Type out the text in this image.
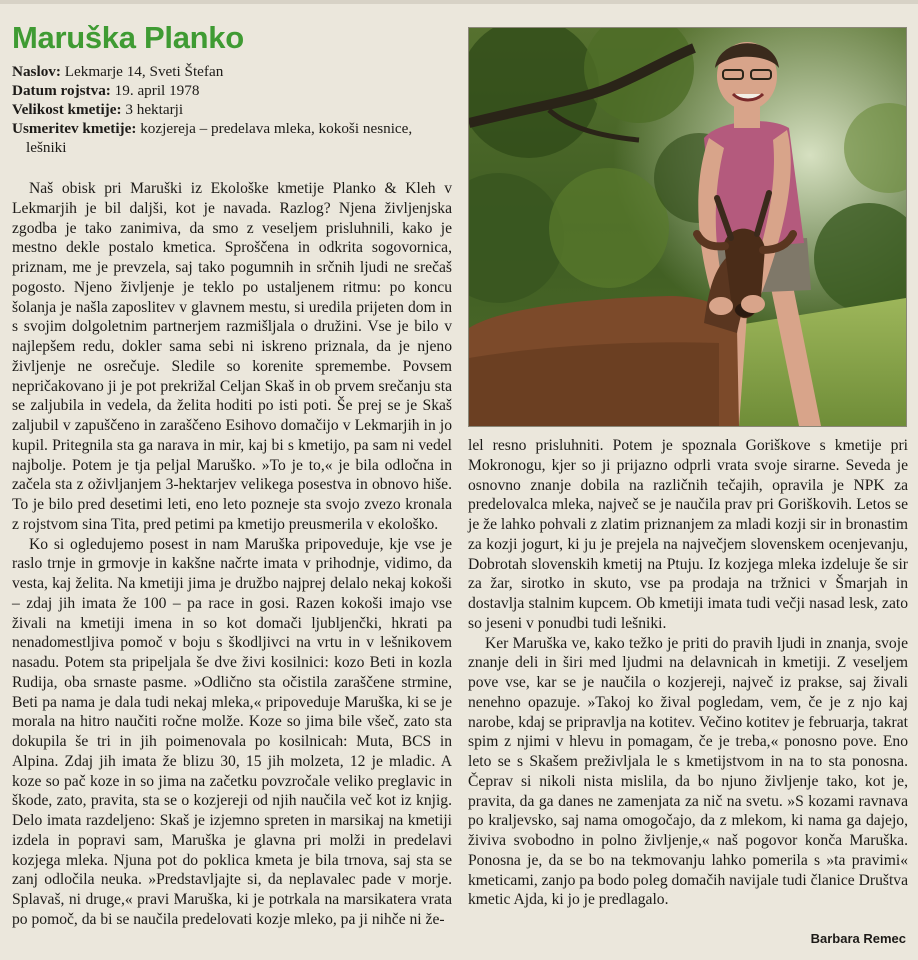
Maruška Planko
Naslov: Lekmarje 14, Sveti Štefan
Datum rojstva: 19. april 1978
Velikost kmetije: 3 hektarji
Usmeritev kmetije: kozjereja – predelava mleka, kokoši nesnice, lešniki

Naš obisk pri Maruški iz Ekološke kmetije Planko & Kleh v Lekmarjih je bil daljši, kot je navada. Razlog? Njena življenjska zgodba je tako zanimiva, da smo z veseljem prisluhnili, kako je mestno dekle postalo kmetica. Sproščena in odkrita sogovornica, priznam, me je prevzela, saj tako pogumnih in srčnih ljudi ne srečaš pogosto. Njeno življenje je teklo po ustaljenem ritmu: po koncu šolanja je našla zaposlitev v glavnem mestu, si uredila prijeten dom in s svojim dolgoletnim partnerjem razmišljala o družini. Vse je bilo v najlepšem redu, dokler sama sebi ni iskreno priznala, da je njeno življenje ne osrečuje. Sledile so korenite spremembe. Povsem nepričakovano ji je pot prekrižal Celjan Skaš in ob prvem srečanju sta se zaljubila in vedela, da želita hoditi po isti poti. Še prej se je Skaš zaljubil v zapuščeno in zaraščeno Esihovo domačijo v Lekmarjih in jo kupil. Pritegnila sta ga narava in mir, kaj bi s kmetijo, pa sam ni vedel najbolje. Potem je tja peljal Maruško. »To je to,« je bila odločna in začela sta z oživljanjem 3-hektarjev velikega posestva in obnovo hiše. To je bilo pred desetimi leti, eno leto pozneje sta svojo zvezo kronala z rojstvom sina Tita, pred petimi pa kmetijo preusmerila v ekološko.

Ko si ogledujemo posest in nam Maruška pripoveduje, kje vse je raslo trnje in grmovje in kakšne načrte imata v prihodnje, vidimo, da vesta, kaj želita. Na kmetiji jima je družbo najprej delalo nekaj kokoši – zdaj jih imata že 100 – pa race in gosi. Razen kokoši imajo vse živali na kmetiji imena in so kot domači ljubljenčki, hkrati pa nenadomestljiva pomoč v boju s škodljivci na vrtu in v lešnikovem nasadu. Potem sta pripeljala še dve živi kosilnici: kozo Beti in kozla Rudija, oba srnaste pasme. »Odlično sta očistila zaraščene strmine, Beti pa nama je dala tudi nekaj mleka,« pripoveduje Maruška, ki se je morala na hitro naučiti ročne molže. Koze so jima bile všeč, zato sta dokupila še tri in jih poimenovala po kosilnicah: Muta, BCS in Alpina. Zdaj jih imata že blizu 30, 15 jih molzeta, 12 je mladic. A koze so pač koze in so jima na začetku povzročale veliko preglavic in škode, zato, pravita, sta se o kozjereji od njih naučila več kot iz knjig. Delo imata razdeljeno: Skaš je izjemno spreten in marsikaj na kmetiji izdela in popravi sam, Maruška je glavna pri molži in predelavi kozjega mleka. Njuna pot do poklica kmeta je bila trnova, saj sta se zanj odločila neuka. »Predstavljajte si, da neplavalec pade v morje. Splavaš, ni druge,« pravi Maruška, ki je potrkala na marsikatera vrata po pomoč, da bi se naučila predelovati kozje mleko, pa ji nihče ni že-

lel resno prisluhniti. Potem je spoznala Goriškove s kmetije pri Mokronogu, kjer so ji prijazno odprli vrata svoje sirarne. Seveda je osnovno znanje dobila na različnih tečajih, opravila je NPK za predelovalca mleka, največ se je naučila prav pri Goriškovih. Letos se je že lahko pohvali z zlatim priznanjem za mladi kozji sir in bronastim za kozji jogurt, ki ju je prejela na največjem slovenskem ocenjevanju, Dobrotah slovenskih kmetij na Ptuju. Iz kozjega mleka izdeluje še sir za žar, sirotko in skuto, vse pa prodaja na tržnici v Šmarjah in dostavlja stalnim kupcem. Ob kmetiji imata tudi večji nasad lesk, zato so jeseni v ponudbi tudi lešniki.

Ker Maruška ve, kako težko je priti do pravih ljudi in znanja, svoje znanje deli in širi med ljudmi na delavnicah in kmetiji. Z veseljem pove vse, kar se je naučila o kozjereji, največ iz prakse, saj živali nenehno opazuje. »Takoj ko žival pogledam, vem, če je z njo kaj narobe, kdaj se pripravlja na kotitev. Večino kotitev je februarja, takrat spim z njimi v hlevu in pomagam, če je treba,« ponosno pove. Eno leto se s Skašem preživljala le s kmetijstvom in na to sta ponosna. Čeprav si nikoli nista mislila, da bo njuno življenje tako, kot je, pravita, da ga danes ne zamenjata za nič na svetu. »S kozami ravnava po kraljevsko, saj nama omogočajo, da z mlekom, ki nama ga dajejo, živiva svobodno in polno življenje,« naš pogovor konča Maruška. Ponosna je, da se bo na tekmovanju lahko pomerila s »ta pravimi« kmeticami, zanjo pa bodo poleg domačih navijale tudi članice Društva kmetic Ajda, ki jo je predlagalo.

Barbara Remec
